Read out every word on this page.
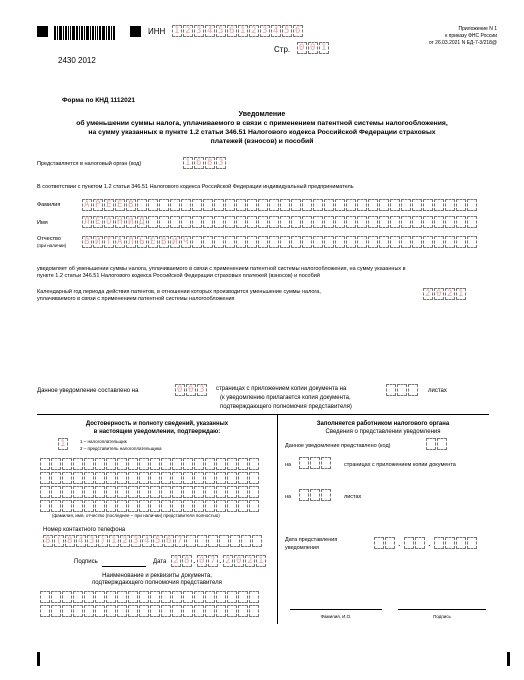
2430 2012
ИНН 1 2 3 4 5 6 1 2 3 4 5 6
Стр. 0 0 1
Приложение N 1
к приказу ФНС России
от 26.03.2021 N ЕД-7-3/218@
Форма по КНД 1112021
Уведомление
об уменьшении суммы налога, уплачиваемого в связи с применением патентной системы налогообложения,
на сумму указанных в пункте 1.2 статьи 346.51 Налогового кодекса Российской Федерации страховых
платежей (взносов) и пособий
Представляется в налоговый орган (код)	1 6 8 3
В соответствии с пунктом 1.2 статьи 346.51 Налогового кодекса Российской Федерации индивидуальный предприниматель
Фамилия	А Р Е Е В
Имя	Л Е О Н И Д
Отчество
(при наличии) В И Т А Л Ь Е В И Ч
уведомляет об уменьшении суммы налога, уплачиваемого в связи с применением патентной системы налогообложения, на сумму указанных в
пункте 1.2 статьи 346.51 Налогового кодекса Российской Федерации страховых платежей (взносов) и пособий
Календарный год периода действия патентов, в отношении которых производится уменьшение суммы налога,
уплачиваемого в связи с применением патентной системы налогообложения
2 0 2 1
Данное уведомление составлено на	0 0 3	страницах с приложением копии документа на
(к уведомлению прилагается копия документа,
подтверждающего полномочия представителя)
листах
Достоверность и полноту сведений, указанных
в настоящем уведомлении, подтверждаю:
1	1 – налогоплательщик
2 – представитель налогоплательщика
(фамилия, имя, отчество (последнее – при наличии) представителя полностью)
Номер контактного телефона
8 ( 8 4 3 ) 1 2 3 4 5 6 7
Подпись	Дата 2 8 . 0 7 . 2 0 2 1
Наименование и реквизиты документа,
подтверждающего полномочия представителя
Заполняется работником налогового органа
Сведения о представлении уведомления
Данное уведомление представлено (код)
на	страницах с приложением копии документа
на	листах
Дата представления
уведомления	.	.
Фамилия, И.О.	Подпись
